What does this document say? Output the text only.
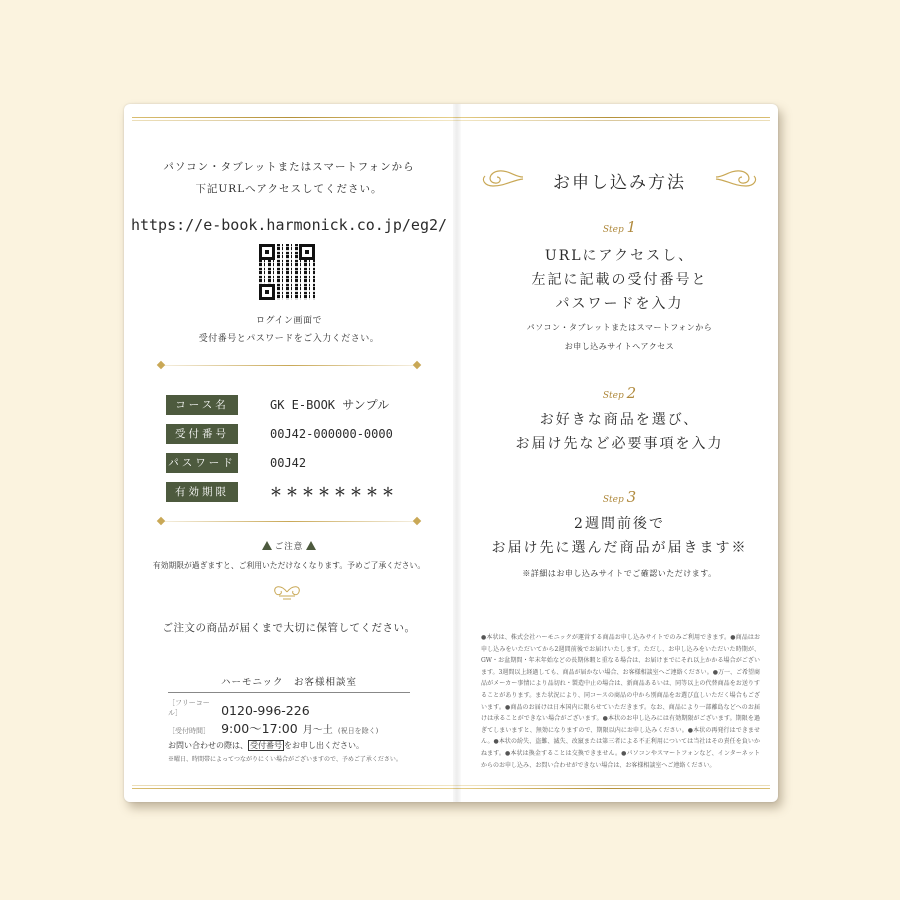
パソコン・タブレットまたはスマートフォンから
下記URLへアクセスしてください。
https://e-book.harmonick.co.jp/eg2/
ログイン画面で
受付番号とパスワードをご入力ください。
コース名	GK E-BOOK サンプル
受付番号	00J42-000000-0000
パスワード	00J42
有効期限	＊＊＊＊＊＊＊＊
ご注意
有効期限が過ぎますと、ご利用いただけなくなります。予めご了承ください。
ご注文の商品が届くまで大切に保管してください。
ハーモニック　お客様相談室
［フリーコール］	0120-996-226
［受付時間］ 9:00〜17:00 月〜土 (祝日を除く)
お問い合わせの際は、 受付番号 をお申し出ください。
※曜日、時間帯によってつながりにくい場合がございますので、予めご了承ください。
お申し込み方法
Step 1
URLにアクセスし、
左記に記載の受付番号と
パスワードを入力
パソコン・タブレットまたはスマートフォンから
お申し込みサイトへアクセス
Step 2
お好きな商品を選び、
お届け先など必要事項を入力
Step 3
2週間前後で
お届け先に選んだ商品が届きます※
※詳細はお申し込みサイトでご確認いただけます。
●本状は、株式会社ハーモニックが運営する商品お申し込みサイトでのみご利用できます。●商品はお申し込みをいただいてから2週間前後でお届けいたします。ただし、お申し込みをいただいた時期が、GW・お盆期間・年末年始などの長期休暇と重なる場合は、お届けまでにそれ以上かかる場合がございます。3週間以上経過しても、商品が届かない場合、お客様相談室へご連絡ください。●万一、ご希望商品がメーカー事情により品切れ・製造中止の場合は、新商品あるいは、同等以上の代替商品をお送りすることがあります。また状況により、同コースの商品の中から別商品をお選び直しいただく場合もございます。●商品のお届けは日本国内に限らせていただきます。なお、商品により一部離島などへのお届けは承ることができない場合がございます。●本状のお申し込みには有効期限がございます。期限を過ぎてしまいますと、無効になりますので、期限以内にお申し込みください。●本状の再発行はできません。●本状の紛失、盗難、滅失、改竄または第三者による不正利用については当社はその責任を負いかねます。●本状は換金することは交換できません。●パソコンやスマートフォンなど、インターネットからのお申し込み、お問い合わせができない場合は、お客様相談室へご連絡ください。
